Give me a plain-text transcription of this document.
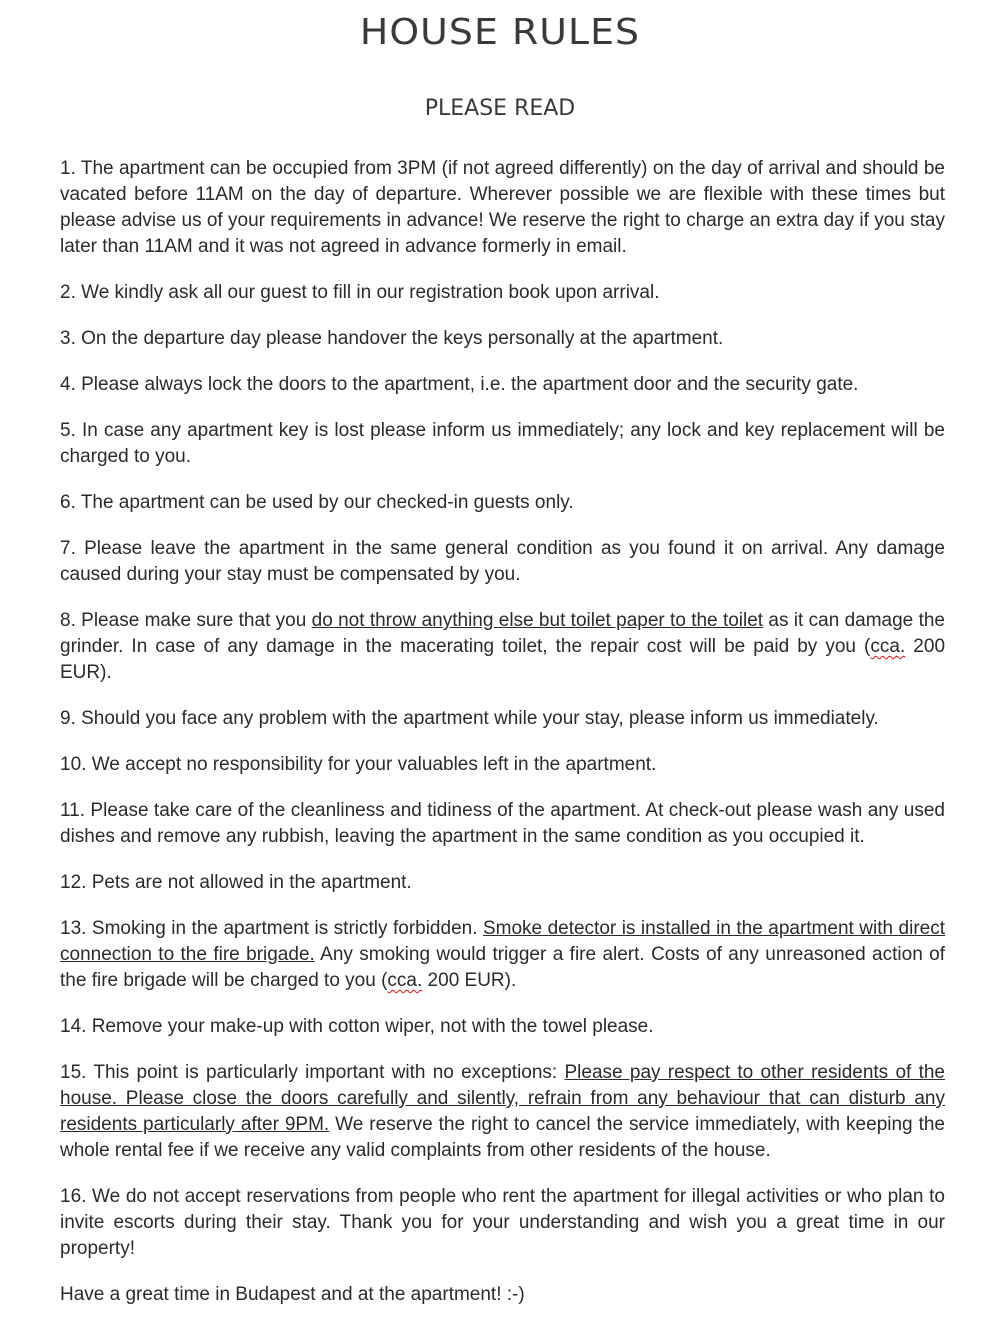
HOUSE RULES
PLEASE READ

1. The apartment can be occupied from 3PM (if not agreed differently) on the day of arrival and should be vacated before 11AM on the day of departure. Wherever possible we are flexible with these times but please advise us of your requirements in advance! We reserve the right to charge an extra day if you stay later than 11AM and it was not agreed in advance formerly in email.

2. We kindly ask all our guest to fill in our registration book upon arrival.

3. On the departure day please handover the keys personally at the apartment.

4. Please always lock the doors to the apartment, i.e. the apartment door and the security gate.

5. In case any apartment key is lost please inform us immediately; any lock and key replacement will be charged to you.

6. The apartment can be used by our checked-in guests only.

7. Please leave the apartment in the same general condition as you found it on arrival. Any damage caused during your stay must be compensated by you.

8. Please make sure that you do not throw anything else but toilet paper to the toilet as it can damage the grinder. In case of any damage in the macerating toilet, the repair cost will be paid by you (cca. 200 EUR).

9. Should you face any problem with the apartment while your stay, please inform us immediately.

10. We accept no responsibility for your valuables left in the apartment.

11. Please take care of the cleanliness and tidiness of the apartment. At check-out please wash any used dishes and remove any rubbish, leaving the apartment in the same condition as you occupied it.

12. Pets are not allowed in the apartment.

13. Smoking in the apartment is strictly forbidden. Smoke detector is installed in the apartment with direct connection to the fire brigade. Any smoking would trigger a fire alert. Costs of any unreasoned action of the fire brigade will be charged to you (cca. 200 EUR).

14. Remove your make-up with cotton wiper, not with the towel please.

15. This point is particularly important with no exceptions: Please pay respect to other residents of the house. Please close the doors carefully and silently, refrain from any behaviour that can disturb any residents particularly after 9PM. We reserve the right to cancel the service immediately, with keeping the whole rental fee if we receive any valid complaints from other residents of the house.

16. We do not accept reservations from people who rent the apartment for illegal activities or who plan to invite escorts during their stay. Thank you for your understanding and wish you a great time in our property!

Have a great time in Budapest and at the apartment! :-)
